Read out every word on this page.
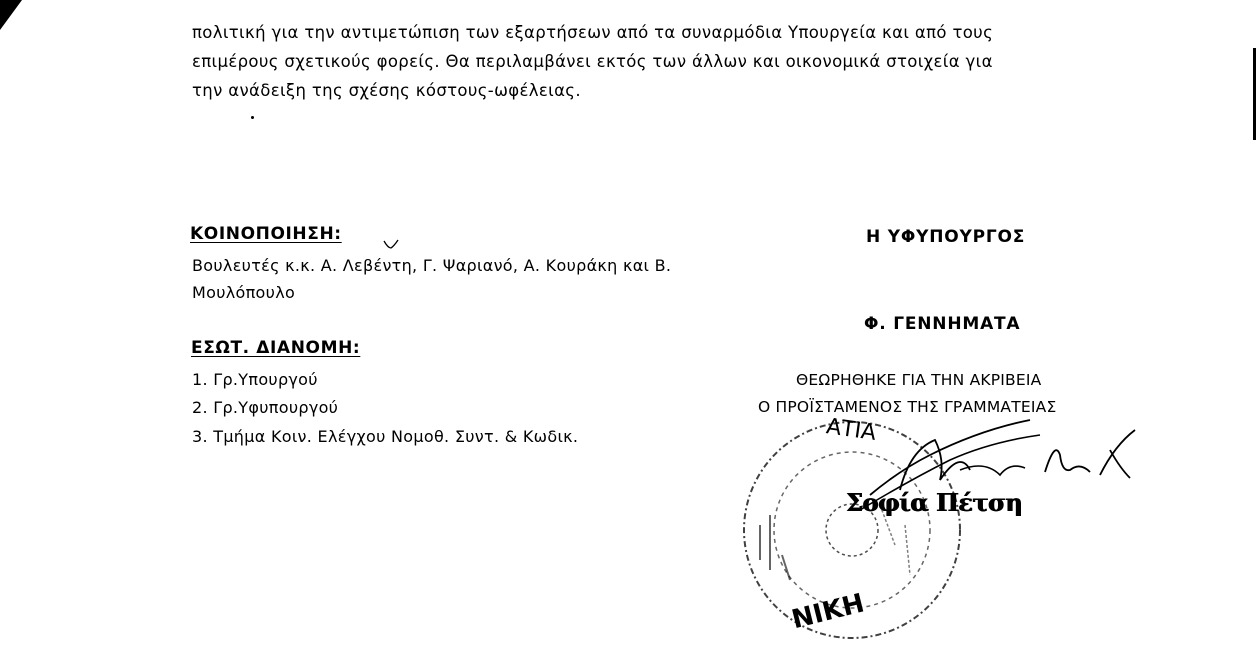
πολιτική για την αντιμετώπιση των εξαρτήσεων από τα συναρμόδια Υπουργεία και από τους
επιμέρους σχετικούς φορείς. Θα περιλαμβάνει εκτός των άλλων και οικονομικά στοιχεία για
την ανάδειξη της σχέσης κόστους-ωφέλειας.
ΚΟΙΝΟΠΟΙΗΣΗ:
Βουλευτές κ.κ. Α. Λεβέντη, Γ. Ψαριανό, Α. Κουράκη και Β.
Μουλόπουλο
ΕΣΩΤ. ΔΙΑΝΟΜΗ:
1. Γρ.Υπουργού
2. Γρ.Υφυπουργού
3. Τμήμα Κοιν. Ελέγχου Νομοθ. Συντ. & Κωδικ.
Η ΥΦΥΠΟΥΡΓΟΣ
Φ. ΓΕΝΝΗΜΑΤΑ
ΘΕΩΡΗΘΗΚΕ ΓΙΑ ΤΗΝ ΑΚΡΙΒΕΙΑ
Ο ΠΡΟΪΣΤΑΜΕΝΟΣ ΤΗΣ ΓΡΑΜΜΑΤΕΙΑΣ
ΑΤΙΑ
ΝΙΚΗ
Σοφία Πέτση
